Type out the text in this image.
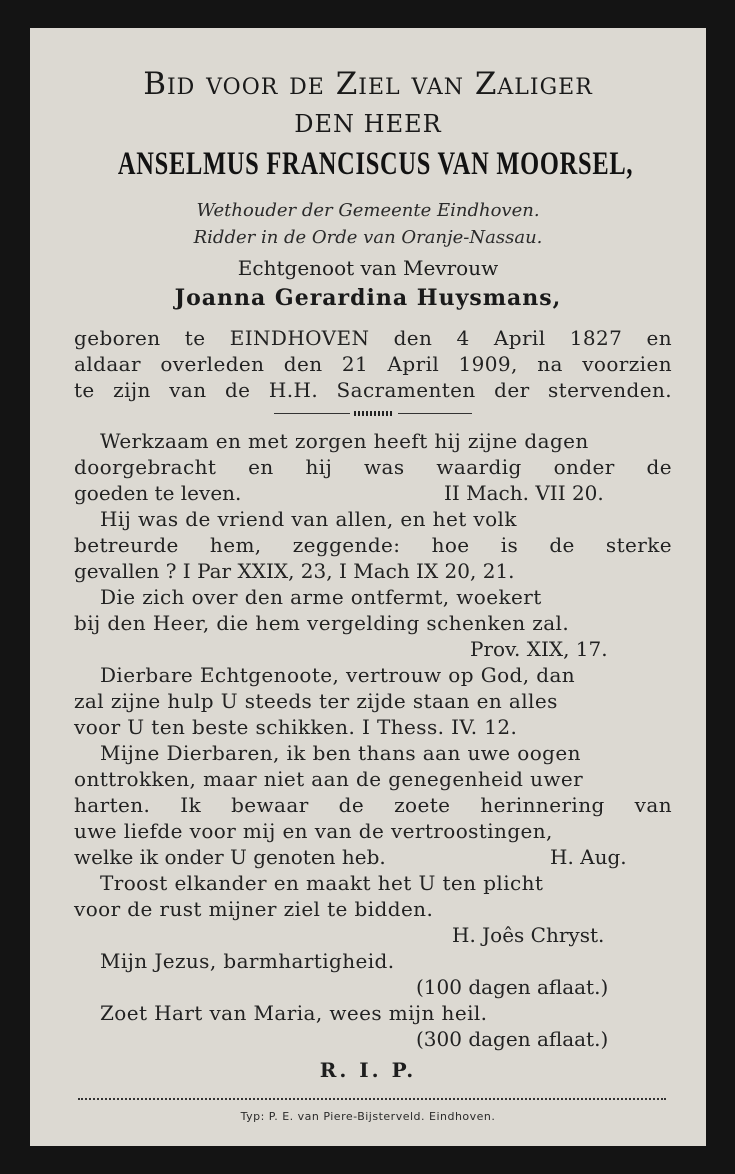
Bid voor de Ziel van Zaliger
DEN HEER
ANSELMUS FRANCISCUS VAN MOORSEL,
Wethouder der Gemeente Eindhoven.
Ridder in de Orde van Oranje-Nassau.
Echtgenoot van Mevrouw
Joanna Gerardina Huysmans,
geboren te EINDHOVEN den 4 April 1827 en
aldaar overleden den 21 April 1909, na voorzien
te zijn van de H.H. Sacramenten der stervenden.
Werkzaam en met zorgen heeft hij zijne dagen
doorgebracht en hij was waardig onder de
goeden te leven.	II Mach. VII 20.
Hij was de vriend van allen, en het volk
betreurde hem, zeggende: hoe is de sterke
gevallen ? I Par XXIX, 23, I Mach IX 20, 21.
Die zich over den arme ontfermt, woekert
bij den Heer, die hem vergelding schenken zal.
Prov. XIX, 17.
Dierbare Echtgenoote, vertrouw op God, dan
zal zijne hulp U steeds ter zijde staan en alles
voor U ten beste schikken. I Thess. IV. 12.
Mijne Dierbaren, ik ben thans aan uwe oogen
onttrokken, maar niet aan de genegenheid uwer
harten. Ik bewaar de zoete herinnering van
uwe liefde voor mij en van de vertroostingen,
welke ik onder U genoten heb.	H. Aug.
Troost elkander en maakt het U ten plicht
voor de rust mijner ziel te bidden.
H. Joês Chryst.
Mijn Jezus, barmhartigheid.
(100 dagen aflaat.)
Zoet Hart van Maria, wees mijn heil.
(300 dagen aflaat.)
R. I. P.
Typ: P. E. van Piere-Bijsterveld. Eindhoven.
